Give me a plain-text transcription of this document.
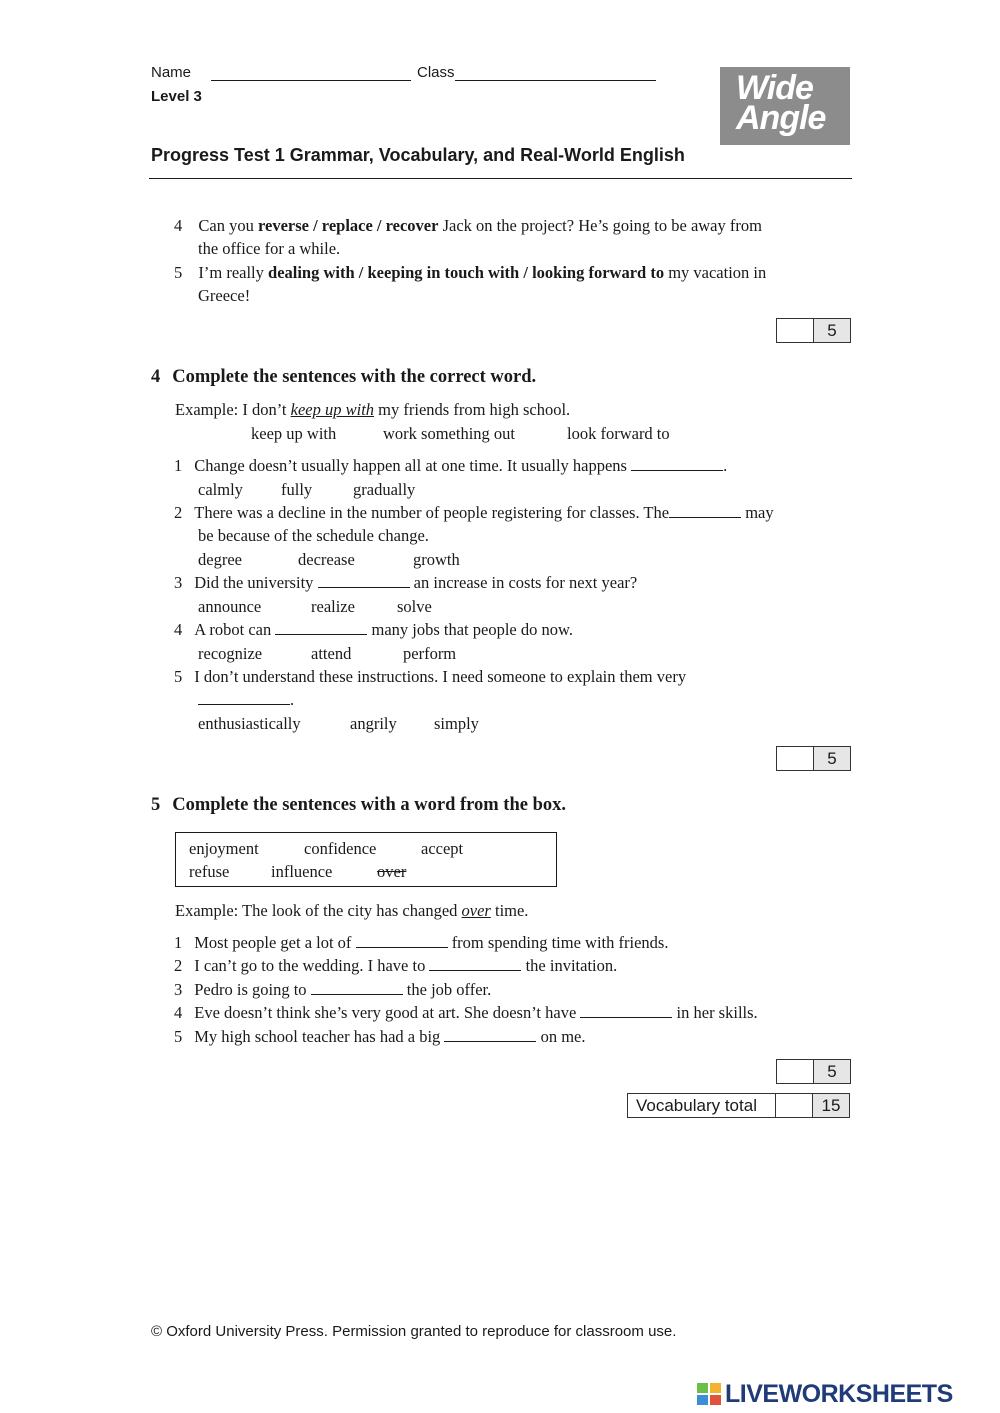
Name	Class
Level 3	Wide
Angle
Progress Test 1 Grammar, Vocabulary, and Real-World English
4 Can you reverse / replace / recover Jack on the project? He’s going to be away from
the office for a while.
5 I’m really dealing with / keeping in touch with / looking forward to my vacation in
Greece!
5
4 Complete the sentences with the correct word.
Example: I don’t keep up with my friends from high school.
keep up with	work something out	look forward to
1 Change doesn’t usually happen all at one time. It usually happens	.
calmly fully gradually
2 There was a decline in the number of people registering for classes. The	may
be because of the schedule change.
degree	decrease	growth
3 Did the university	an increase in costs for next year?
announce	realize	solve
4 A robot can	many jobs that people do now.
recognize	attend	perform
5 I don’t understand these instructions. I need someone to explain them very
.
enthusiastically	angrily simply
5
5 Complete the sentences with a word from the box.
enjoyment	confidence	accept
refuse	influence	over
Example: The look of the city has changed over time.
1 Most people get a lot of	from spending time with friends.
2 I can’t go to the wedding. I have to	the invitation.
3 Pedro is going to	the job offer.
4 Eve doesn’t think she’s very good at art. She doesn’t have	in her skills.
5 My high school teacher has had a big	on me.
5
Vocabulary total	15
© Oxford University Press. Permission granted to reproduce for classroom use.
LIVEWORKSHEETS
